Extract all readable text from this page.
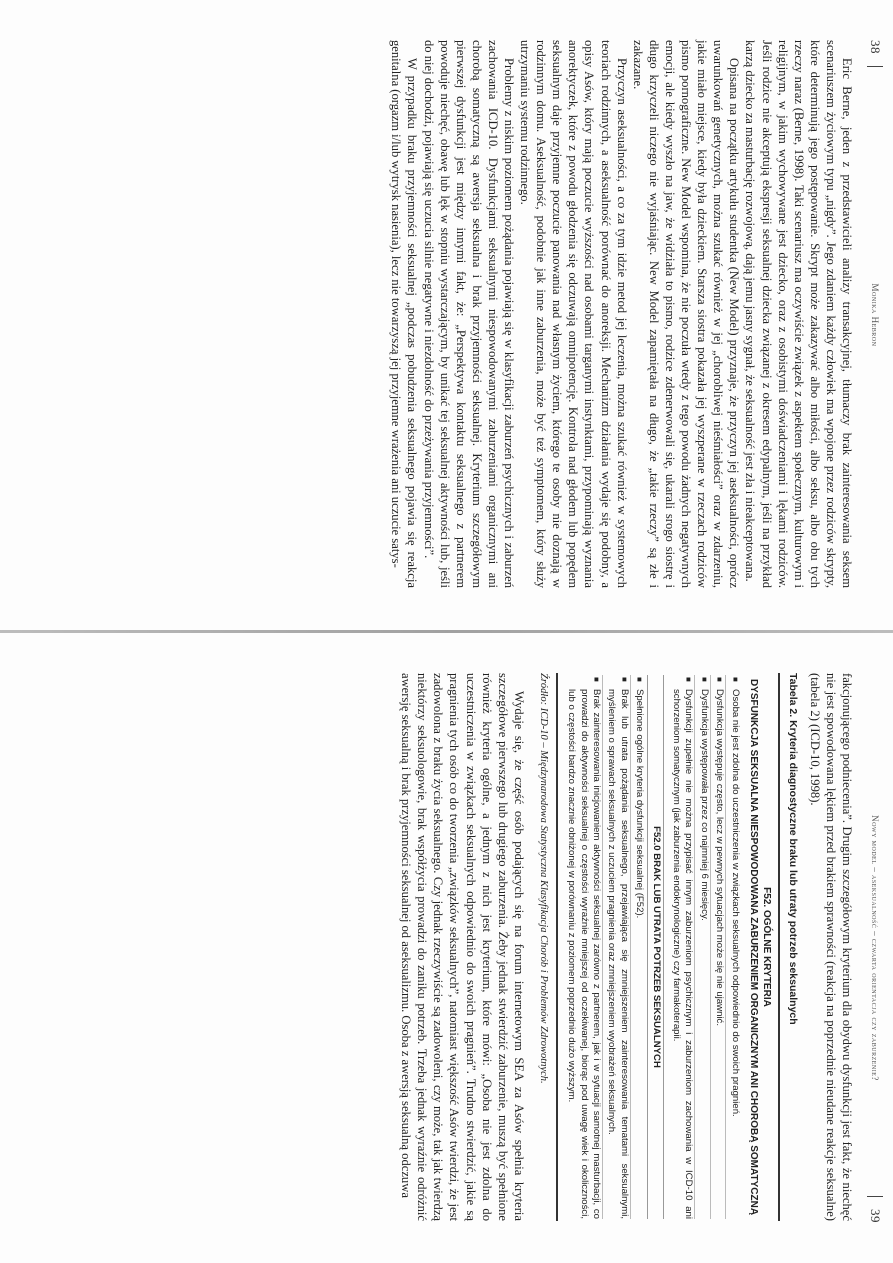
38
Monika Hebron

Eric Berne, jeden z przedstawicieli analizy transakcyjnej, tłumaczy brak zainteresowania seksem scenariuszem życiowym typu „nigdy”. Jego zdaniem każdy człowiek ma wpojone przez rodziców skrypty, które determinują jego postępowanie. Skrypt może zakazywać albo miłości, albo seksu, albo obu tych rzeczy naraz (Berne, 1998). Taki scenariusz ma oczywiście związek z aspektem społecznym, kulturowym i religijnym, w jakim wychowywane jest dziecko, oraz z osobistymi doświadczeniami i lękami rodziców. Jeśli rodzice nie akceptują ekspresji seksualnej dziecka związanej z okresem edypalnym, jeśli na przykład karzą dziecko za masturbację rozwojową, dają jemu jasny sygnał, że seksualność jest zła i nieakceptowana.

Opisana na początku artykułu studentka (New Model) przyznaje, że przyczyn jej aseksualności, oprócz uwarunkowań genetycznych, można szukać również w jej „chorobliwej nieśmiałości” oraz w zdarzeniu, jakie miało miejsce, kiedy była dzieckiem. Starsza siostra pokazała jej wyszperane w rzeczach rodziców pismo pornograficzne. New Model wspomina, że nie poczuła wtedy z tego powodu żadnych negatywnych emocji, ale kiedy wyszło na jaw, że widziała to pismo, rodzice zdenerwowali się, ukarali srogo siostrę i długo krzyczeli niczego nie wyjaśniając. New Model zapamiętała na długo, że „takie rzeczy” są złe i zakazane.

Przyczyn aseksualności, a co za tym idzie metod jej leczenia, można szukać również w systemowych teoriach rodzinnych, a aseksualność porównać do anoreksji. Mechanizm działania wydaje się podobny, a opisy Asów, który mają poczucie wyższości nad osobami targanymi instynktami, przypominają wyznania anorektyczek, które z powodu głodzenia się odczuwają omnipotencję. Kontrola nad głodem lub popędem seksualnym daje przyjemne poczucie panowania nad własnym życiem, którego te osoby nie doznają w rodzinnym domu. Aseksualność, podobnie jak inne zaburzenia, może być też symptomem, który służy utrzymaniu systemu rodzinnego.

Problemy z niskim poziomem pożądania pojawiają się w klasyfikacji zaburzeń psychicznych i zaburzeń zachowania ICD-10. Dysfunkcjami seksualnymi niespowodowanymi zaburzeniami organicznymi ani chorobą somatyczną są awersja seksualna i brak przyjemności seksualnej. Kryterium szczegółowym pierwszej dysfunkcji jest między innymi fakt, że: „Perspektywa kontaktu seksualnego z partnerem powoduje niechęć, obawę lub lęk w stopniu wystarczającym, by unikać tej seksualnej aktywności lub, jeśli do niej dochodzi, pojawiają się uczucia silnie negatywne i niezdolność do przeżywania przyjemności”.

W przypadku braku przyjemności seksualnej „podczas pobudzenia seksualnego pojawia się reakcja genitalna (orgazm i/lub wytrysk nasienia), lecz nie towarzyszą jej przyjemne wrażenia ani uczucie satys-

Nowy model – aseksualność – czwarta orientacja czy zaburzenie?
39

fakcjonującego podniecenia”. Drugim szczegółowym kryterium dla obydwu dysfunkcji jest fakt, że niechęć nie jest spowodowana lękiem przed brakiem sprawności (reakcja na poprzednie nieudane reakcje seksualne) (tabela 2) (ICD-10, 1998).

Tabela 2. Kryteria diagnostyczne braku lub utraty potrzeb seksualnych
F52. OGÓLNE KRYTERIA
DYSFUNKCJA SEKSUALNA NIESPOWODOWANA ZABURZENIEM ORGANICZNYM ANI CHOROBĄ SOMATYCZNĄ
■ Osoba nie jest zdolna do uczestniczenia w związkach seksualnych odpowiednio do swoich pragnień.
■ Dysfunkcja występuje często, lecz w pewnych sytuacjach może się nie ujawnić.
■ Dysfunkcja występowała przez co najmniej 6 miesięcy.
■ Dysfunkcji zupełnie nie można przypisać innym zaburzeniom psychicznym i zaburzeniom zachowania w ICD-10 ani schorzeniom somatycznym (jak zaburzenia endokrynologiczne) czy farmakoterapii.
F52.0 BRAK LUB UTRATA POTRZEB SEKSUALNYCH
■ Spełnione ogólne kryteria dysfunkcji seksualnej (F52).
■ Brak lub utrata pożądania seksualnego, przejawiająca się zmniejszeniem zainteresowania tematami seksualnymi, myśleniem o sprawach seksualnych z uczuciem pragnienia oraz zmniejszeniem wyobrażeń seksualnych.
■ Brak zainteresowania inicjowaniem aktywności seksualnej zarówno z partnerem, jak i w sytuacji samotnej masturbacji, co prowadzi do aktywności seksualnej o częstości wyraźnie mniejszej od oczekiwanej, biorąc pod uwagę wiek i okoliczności, lub o częstości bardzo znacznie obniżonej w porównaniu z poziomem poprzednio dużo wyższym.
Źródło: ICD-10 – Międzynarodowa Statystyczna Klasyfikacja Chorób i Problemów Zdrowotnych.

Wydaje się, że część osób podających się na forum internetowym SEA za Asów spełnia kryteria szczegółowe pierwszego lub drugiego zaburzenia. Żeby jednak stwierdzić zaburzenie, muszą być spełnione również kryteria ogólne, a jednym z nich jest kryterium, które mówi: „Osoba nie jest zdolna do uczestniczenia w związkach seksualnych odpowiednio do swoich pragnień”. Trudno stwierdzić, jakie są pragnienia tych osób co do tworzenia „związków seksualnych”, natomiast większość Asów twierdzi, że jest zadowolona z braku życia seksualnego. Czy jednak rzeczywiście są zadowoleni, czy może, tak jak twierdzą niektórzy seksuologowie, brak współżycia prowadzi do zaniku potrzeb. Trzeba jednak wyraźnie odróżnić awersję seksualną i brak przyjemności seksualnej od aseksualizmu. Osoba z awersją seksualną odczuwa
